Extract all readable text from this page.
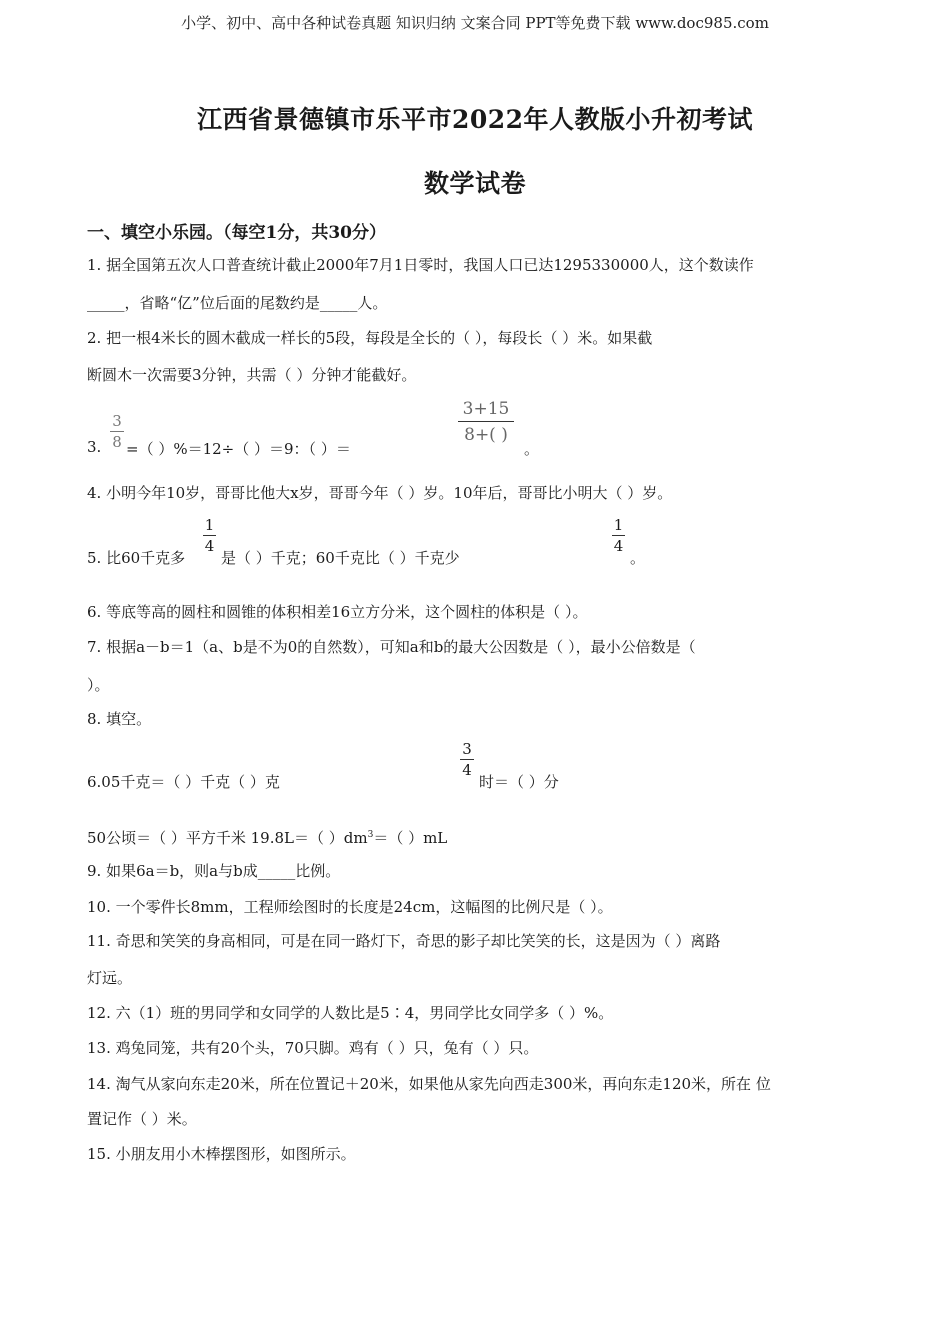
小学、初中、高中各种试卷真题 知识归纳 文案合同 PPT等免费下载 www.doc985.com
江西省景德镇市乐平市2022年人教版小升初考试
数学试卷
一、填空小乐园。（每空1分，共30分）
1. 据全国第五次人口普查统计截止2000年7月1日零时，我国人口已达1295330000人，这个数读作
_____，省略“亿”位后面的尾数约是_____人。
2. 把一根4米长的圆木截成一样长的5段，每段是全长的（ ），每段长（ ）米。如果截
断圆木一次需要3分钟，共需（ ）分钟才能截好。
3.
3
8 =（ ）%＝12÷（ ）＝9：（ ）＝
3+15
8+( )
。
4. 小明今年10岁，哥哥比他大x岁，哥哥今年（ ）岁。10年后，哥哥比小明大（ ）岁。
5. 比60千克多
1
4
是（ ）千克；60千克比（ ）千克少
1
4
。
6. 等底等高的圆柱和圆锥的体积相差16立方分米，这个圆柱的体积是（ ）。
7. 根据a－b＝1（a、b是不为0的自然数），可知a和b的最大公因数是（ ），最小公倍数是（
）。
8. 填空。
6.05千克＝（ ）千克（ ）克
3
4
时＝（ ）分
50公顷＝（ ）平方千米 19.8L＝（ ）$dm^3=$（ ）mL
9. 如果6a＝b，则a与b成_____比例。
10. 一个零件长8mm，工程师绘图时的长度是24cm，这幅图的比例尺是（ ）。
11. 奇思和笑笑的身高相同，可是在同一路灯下，奇思的影子却比笑笑的长，这是因为（ ）离路
灯远。
12. 六（1）班的男同学和女同学的人数比是5∶4，男同学比女同学多（ ）%。
13. 鸡兔同笼，共有20个头，70只脚。鸡有（ ）只，兔有（ ）只。
14. 淘气从家向东走20米，所在位置记＋20米，如果他从家先向西走300米，再向东走120米，所在 位
置记作（ ）米。
15. 小朋友用小木棒摆图形，如图所示。
